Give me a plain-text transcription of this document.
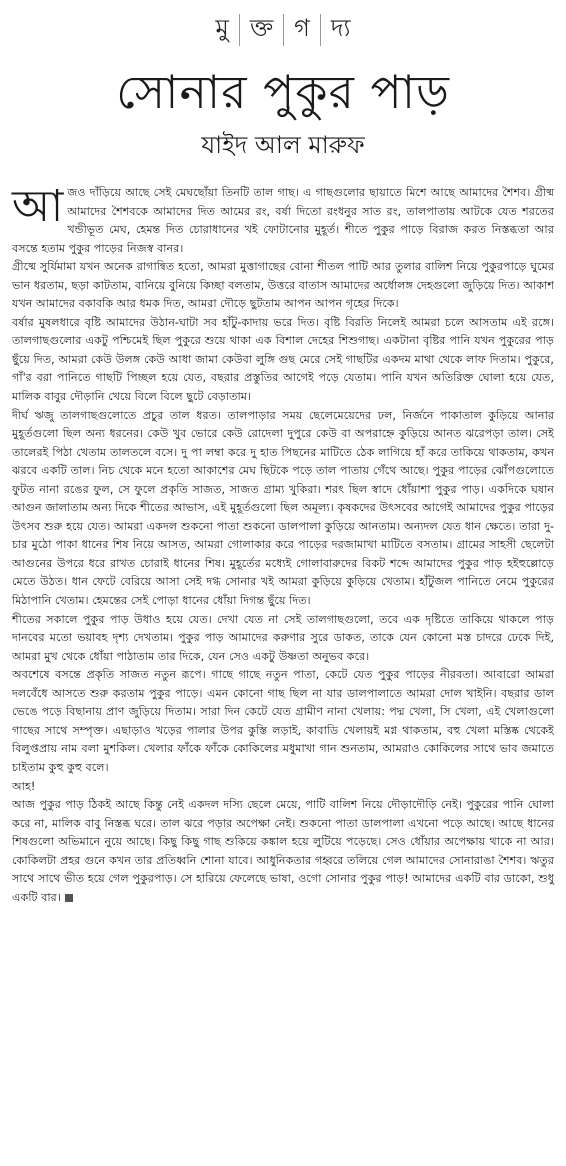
মু ক্ত গ দ্য
সোনার পুকুর পাড়
যাইদ আল মারুফ

আজও দাঁড়িয়ে আছে সেই মেঘছোঁয়া তিনটি তাল গাছ। এ গাছগুলোর ছায়াতে মিশে আছে আমাদের শৈশব। গ্রীষ্ম আমাদের শৈশবকে আমাদের দিত আমের রং, বর্ষা দিতো রংধনুর সাত রং, তালপাতায় আটকে যেত শরতের খন্ডীভূত মেঘ, হেমন্ত দিত চোরাধানের খই ফোটানোর মুহূর্ত। শীতে পুকুর পাড়ে বিরাজ করত নিস্তব্ধতা আর বসন্তে হতাম পুকুর পাড়ের নিজস্ব বানর।

গ্রীষ্মে সুর্যিমামা যখন অনেক রাগান্বিত হতো, আমরা মুত্তাগাছের বোনা শীতল পাটি আর তুলার বালিশ নিয়ে পুকুরপাড়ে ঘুমের ভান ধরতাম, ছড়া কাটতাম, বানিয়ে বুনিয়ে কিচ্ছা বলতাম, উত্তরে বাতাস আমাদের অর্ধোলঙ্গ দেহগুলো জুড়িয়ে দিত। আকাশ যখন আমাদের বকাবকি আর ধমক দিত, আমরা দৌড়ে ছুটতাম আপন আপন গৃহের দিকে।

বর্ষার মুষলধারে বৃষ্টি আমাদের উঠান-ঘাটা সব হাঁটু-কাদায় ভরে দিত। বৃষ্টি বিরতি নিলেই আমরা চলে আসতাম এই রঙ্গে। তালগাছগুলোর একটু পশ্চিমেই ছিল পুকুরে শুয়ে থাকা এক বিশাল দেহের শিশুগাছ। একটানা বৃষ্টির পানি যখন পুকুরের পাড় ছুঁয়ে দিত, আমরা কেউ উলঙ্গ কেউ আধা জামা কেউবা লুঙ্গি গুছ মেরে সেই গাছটির একদম মাথা থেকে লাফ দিতাম। পুকুরে, গাঁ'র বরা পানিতে গাছটি পিচ্ছল হয়ে যেত, বছরার প্রস্তুতির আগেই পড়ে যেতাম। পানি যখন অতিরিক্ত ঘোলা হয়ে যেত, মালিক বাবুর দৌড়ানি খেয়ে বিলে বিলে ছুটে বেড়াতাম।

দীর্ঘ ঋজু তালগাছগুলোতে প্রচুর তাল ধরত। তালপাড়ার সময় ছেলেমেয়েদের ঢল, নির্জনে পাকাতাল কুড়িয়ে আনার মুহূর্তগুলো ছিল অন্য ধরনের। কেউ খুব ভোরে কেউ রোদেলা দুপুরে কেউ বা অপরাহ্নে কুড়িয়ে আনত ঝরেপড়া তাল। সেই তালেরই পিঠা খেতাম তালতলে বসে। দু পা লম্বা করে দু হাত পিছনের মাটিতে ঠেক লাগিয়ে হাঁ করে তাকিয়ে থাকতাম, কখন ঝরবে একটি তাল। নিচ থেকে মনে হতো আকাশের মেঘ ছিটকে পড়ে তাল পাতায় গেঁথে আছে। পুকুর পাড়ের ঝোঁপগুলোতে ফুটত নানা রঙের ফুল, সে ফুলে প্রকৃতি সাজত, সাজত গ্রাম্য খুকিরা। শরৎ ছিল স্বাদে ধোঁয়াশা পুকুর পাড়। একদিকে ঘষান আগুন জালাতাম অন্য দিকে শীতের আভাস, এই মুহূর্তগুলো ছিল অমূল্য। কৃষকদের উৎসবের আগেই আমাদের পুকুর পাড়ের উৎসব শুরু হয়ে যেত। আমরা একদল শুকনো পাতা শুকনো ডালপালা কুড়িয়ে আনতাম। অন্যদল যেত ধান ক্ষেতে। তারা দু-চার মুঠো পাকা ধানের শিষ নিয়ে আসত, আমরা গোলাকার করে পাড়ের দরজামাখা মাটিতে বসতাম। গ্রামের সাহসী ছেলেটা আগুনের উপরে ধরে রাখত চোরাই ধানের শিষ। মুহূর্তের মধ্যেই গোলাবারুদের বিকট শব্দে আমাদের পুকুর পাড় হইহুল্লোড়ে মেতে উঠত। ধান ফেটে বেরিয়ে আসা সেই দগ্ধ সোনার খই আমরা কুড়িয়ে কুড়িয়ে খেতাম। হাঁটুজল পানিতে নেমে পুকুরের মিঠাপানি খেতাম। হেমন্তের সেই পোড়া ধানের ধোঁয়া দিগন্ত ছুঁয়ে দিত।

শীতের সকালে পুকুর পাড় উধাও হয়ে যেত। দেখা যেত না সেই তালগাছগুলো, তবে এক দৃষ্টিতে তাকিয়ে থাকলে পাড় দানবের মতো ভয়াবহ দৃশ্য দেখতাম। পুকুর পাড় আমাদের করুণার সুরে ডাকত, তাকে যেন কোনো মস্ত চাদরে ঢেকে দিই, আমরা মুখ থেকে ধোঁয়া পাঠাতাম তার দিকে, যেন সেও একটু উষ্ণতা অনুভব করে।

অবশেষে বসন্তে প্রকৃতি সাজত নতুন রূপে। গাছে গাছে নতুন পাতা, কেটে যেত পুকুর পাড়ের নীরবতা। আবারো আমরা দলবেঁধে আসতে শুরু করতাম পুকুর পাড়ে। এমন কোনো গাছ ছিল না যার ডালপালাতে আমরা দোল খাইনি। বছরার ডাল ভেঙে পড়ে বিছানায় প্রাণ জুড়িয়ে দিতাম। সারা দিন কেটে যেত গ্রামীণ নানা খেলায়: পদ্ম খেলা, সি খেলা, এই খেলাগুলো গাছের সাথে সম্পৃক্ত। এছাড়াও খড়ের পালার উপর কুস্তি লড়াই, কাবাডি খেলায়ই মগ্ন থাকতাম, বহু খেলা মস্তিষ্ক থেকেই বিলুপ্তপ্রায় নাম বলা মুশকিল। খেলার ফাঁকে ফাঁকে কোকিলের মধুমাখা গান শুনতাম, আমরাও কোকিলের সাথে ভাব জমাতে চাইতাম কুহু কুহু বলে।

আহ!

আজ পুকুর পাড় ঠিকই আছে কিন্তু নেই একদল দস্যি ছেলে মেয়ে, পাটি বালিশ নিয়ে দৌড়াদৌড়ি নেই। পুকুরের পানি ঘোলা করে না, মালিক বাবু নিস্তব্ধ ঘরে। তাল ঝরে পড়ার অপেক্ষা নেই। শুকনো পাতা ডালপালা এখনো পড়ে আছে। আছে ধানের শিষগুলো অভিমানে নুয়ে আছে। কিছু কিছু গাছ শুকিয়ে কঙ্কাল হয়ে লুটিয়ে পড়েছে। সেও ধোঁয়ার অপেক্ষায় থাকে না আর। কোকিলটা প্রহর গুনে কখন তার প্রতিধ্বনি শোনা যাবে। আধুনিকতার গহ্বরে তলিয়ে গেল আমাদের সোনারাঙা শৈশব। ঋতুর সাথে সাথে ভীত হয়ে গেল পুকুরপাড়। সে হারিয়ে ফেলেছে ভাষা, ওগো সোনার পুকুর পাড়! আমাদের একটি বার ডাকো, শুধু একটি বার।
